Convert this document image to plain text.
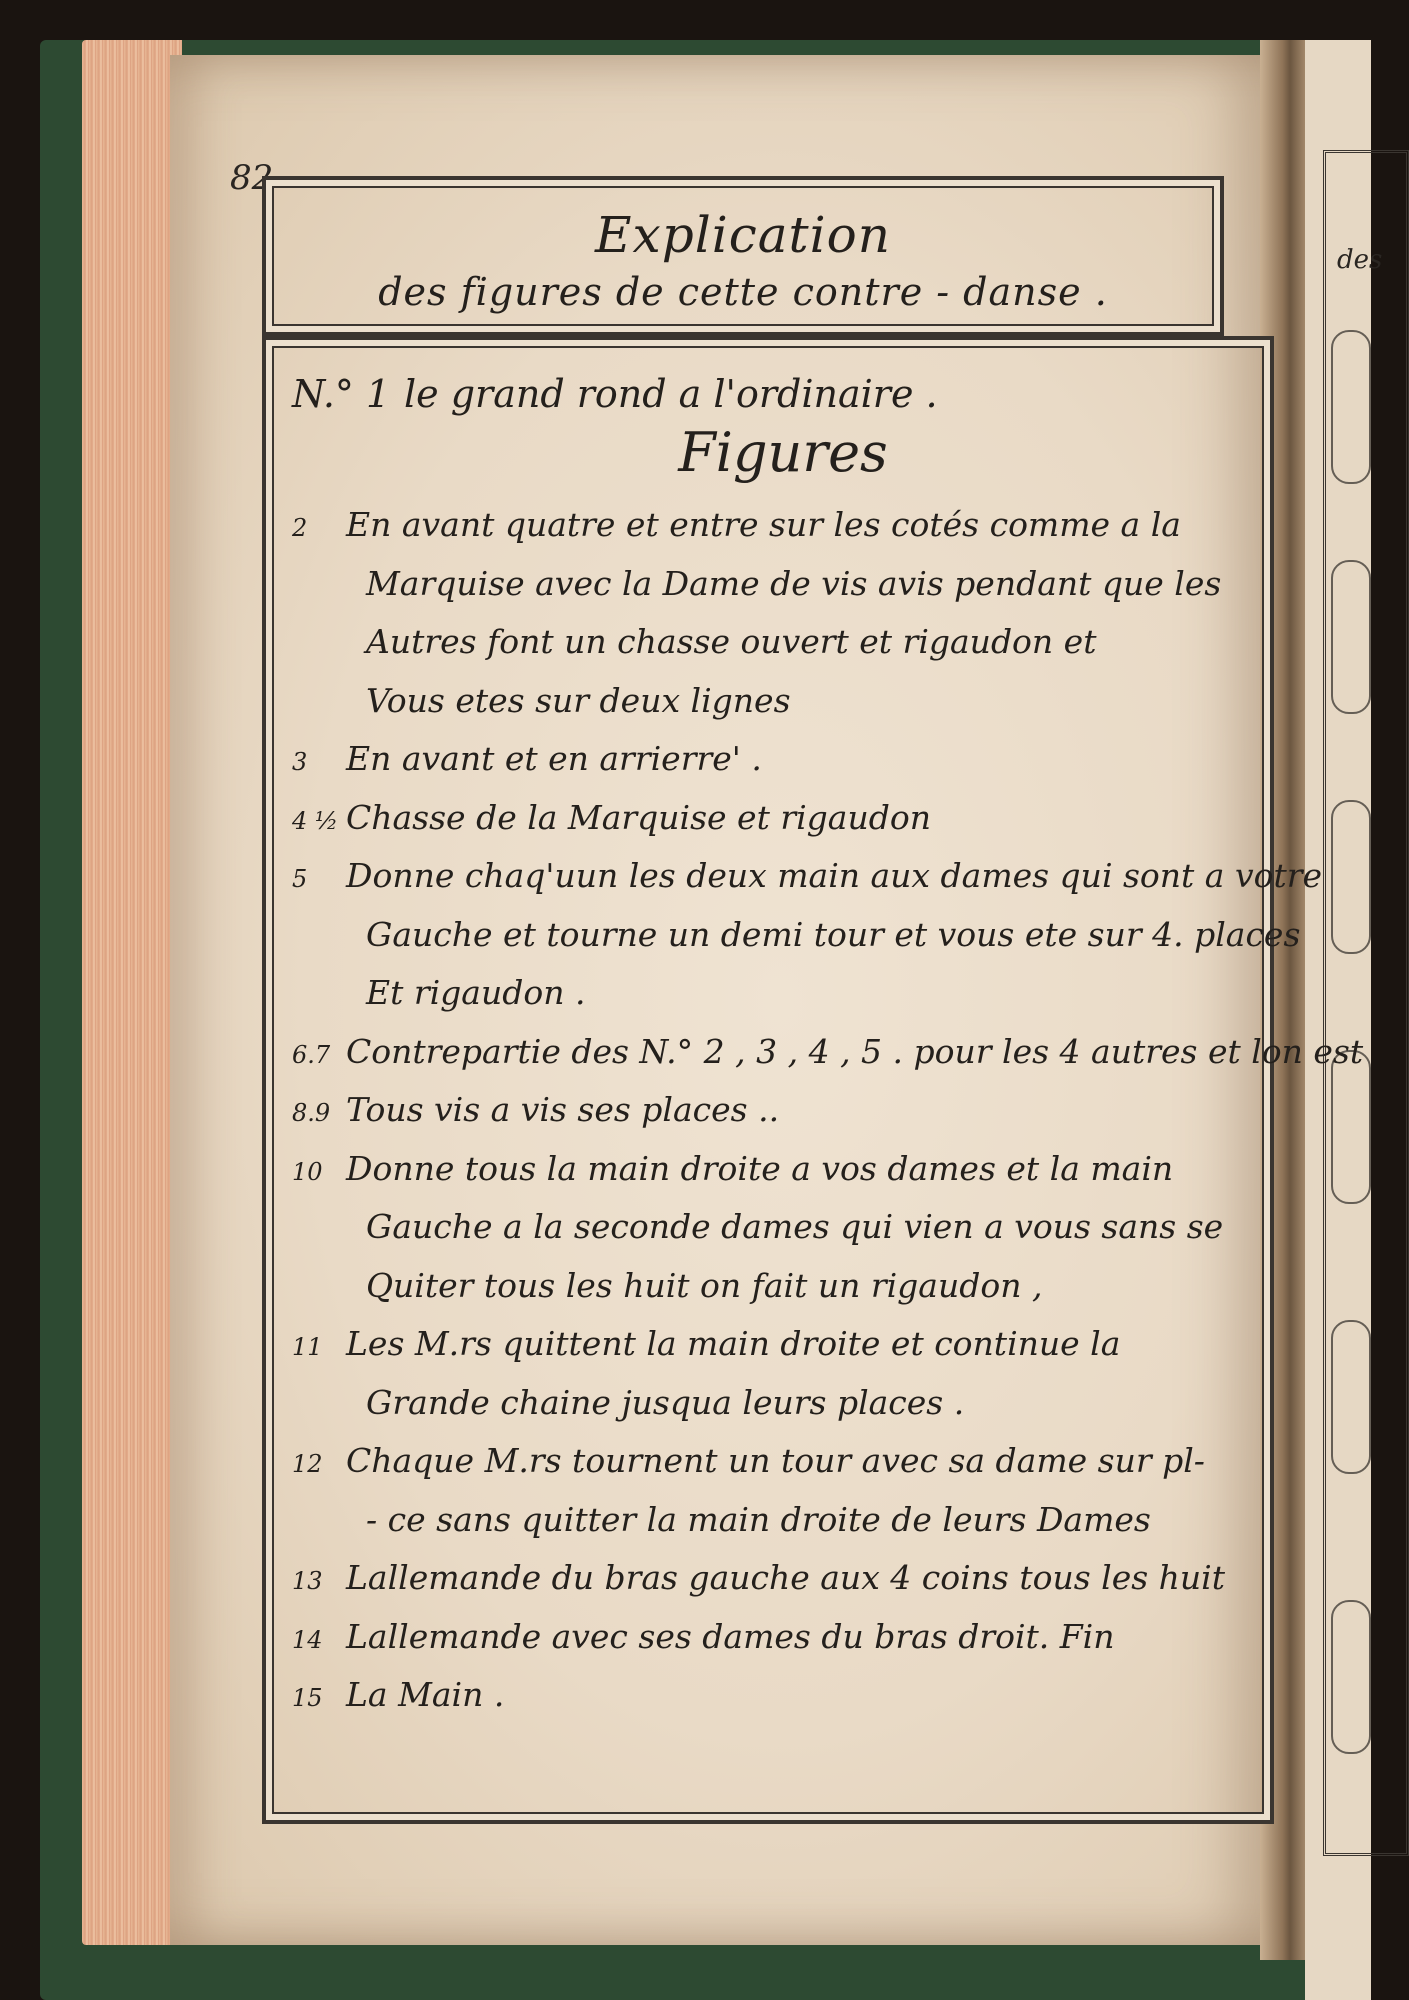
des
82
Explication
des figures de cette contre - danse .
N.° 1 le grand rond a l'ordinaire .
Figures
2	En avant quatre et entre sur les cotés comme a la
Marquise avec la Dame de vis avis pendant que les
Autres font un chasse ouvert et rigaudon et
Vous etes sur deux lignes
3	En avant et en arrierre' .
4 ½ Chasse de la Marquise et rigaudon
5	Donne chaq'uun les deux main aux dames qui sont a votre
Gauche et tourne un demi tour et vous ete sur 4. places
Et rigaudon .
6.7 Contrepartie des N.° 2 , 3 , 4 , 5 . pour les 4 autres et lon est
8.9 Tous vis a vis ses places ..
10 Donne tous la main droite a vos dames et la main
Gauche a la seconde dames qui vien a vous sans se
Quiter tous les huit on fait un rigaudon ,
11 Les M.rs quittent la main droite et continue la
Grande chaine jusqua leurs places .
12 Chaque M.rs tournent un tour avec sa dame sur pl-
- ce sans quitter la main droite de leurs Dames
13 Lallemande du bras gauche aux 4 coins tous les huit
14 Lallemande avec ses dames du bras droit. Fin
15 La Main .
